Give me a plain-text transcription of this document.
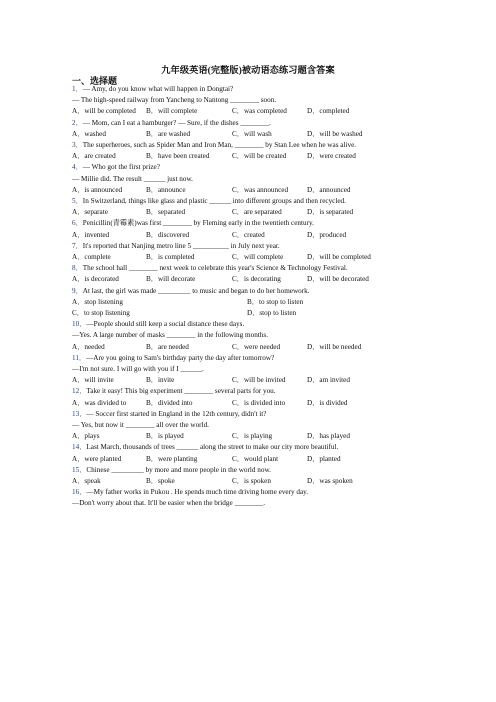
九年级英语(完整版)被动语态练习题含答案
一、选择题
1．— Amy, do you know what will happen in Dongtai?
— The high-speed railway from Yancheng to Nantong ________ soon.
A．will be completed B．will complete	C．was completed	D．completed
2．— Mom, can I eat a hamburger? — Sure, if the dishes ________.
A．washed	B．are washed	C．will wash	D．will be washed
3．The superheroes, such as Spider Man and Iron Man, ________ by Stan Lee when he was alive.
A．are created	B．have been created	C．will be created	D．were created
4．— Who got the first prize?
— Millie did. The result ______ just now.
A．is announced	B．announce	C．was announced	D．announced
5．In Switzerland, things like glass and plastic ______ into different groups and then recycled.
A．separate	B．separated	C．are separated	D．is separated
6．Penicillin(青霉素)was first ________ by Fleming early in the twentieth century.
A．invented	B．discovered	C．created	D．produced
7．It's reported that Nanjing metro line 5 __________ in July next year.
A．complete	B．is completed	C．will complete	D．will be completed
8．The school hall ________ next week to celebrate this year's Science & Technology Festival.
A．is decorated	B．will decorate	C．is decorating	D．will be decorated
9．At last, the girl was made _________ to music and began to do her homework.
A．stop listening	B．to stop to listen
C．to stop listening	D．stop to listen
10．—People should still keep a social distance these days.
—Yes. A large number of masks ________ in the following months.
A．needed	B．are needed	C．were needed	D．will be needed
11．—Are you going to Sam's birthday party the day after tomorrow?
—I'm not sure. I will go with you if I ______.
A．will invite	B．invite	C．will be invited	D．am invited
12．Take it easy! This big experiment ________ several parts for you.
A．was divided to	B．divided into	C．is divided into	D．is divided
13．— Soccer first started in England in the 12th century, didn't it?
— Yes, but now it ________ all over the world.
A．plays	B．is played	C．is playing	D．has played
14．Last March, thousands of trees ______ along the street to make our city more beautiful.
A．were planted	B．were planting	C．would plant	D．planted
15．Chinese _________ by more and more people in the world now.
A．speak	B．spoke	C．is spoken	D．was spoken
16．—My father works in Pukou . He spends much time driving home every day.
—Don't worry about that. It'll be easier when the bridge ________.
